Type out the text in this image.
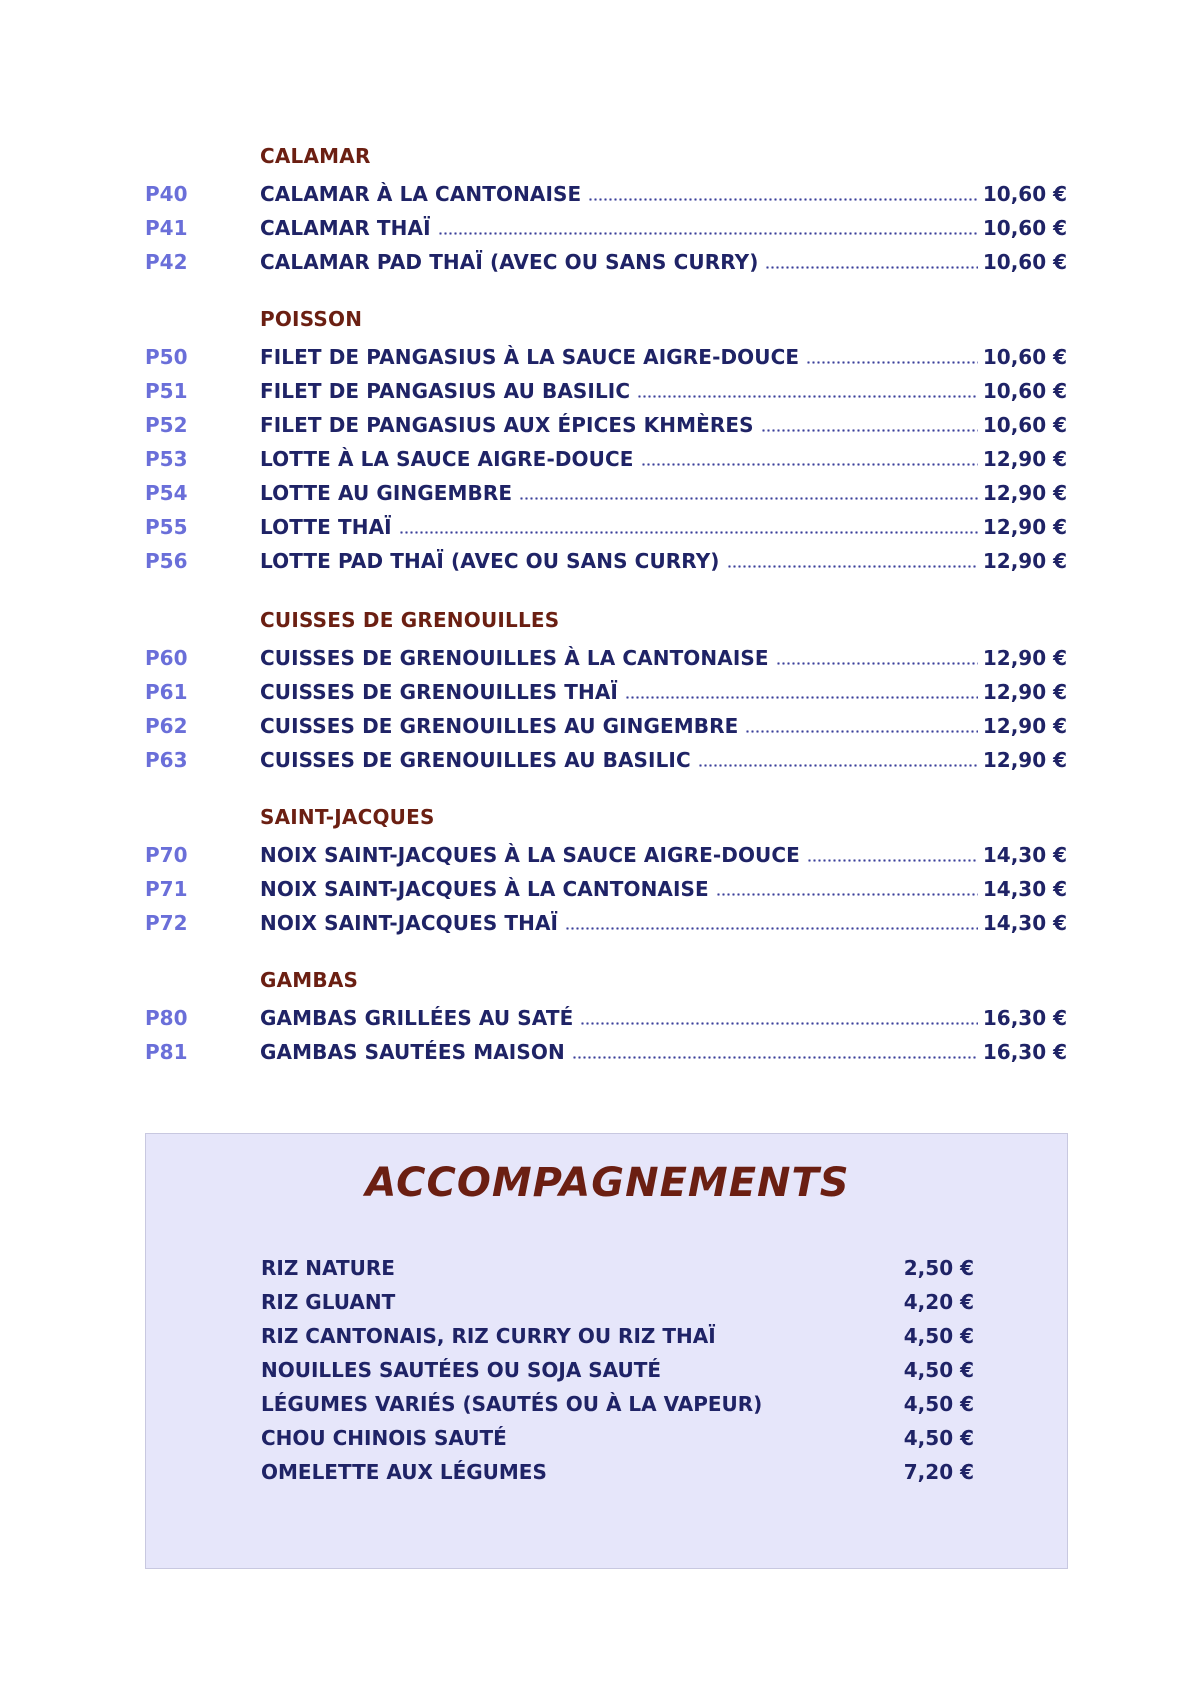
CALAMAR
P40	CALAMAR À LA CANTONAISE	10,60 €
P41	CALAMAR THAÏ	10,60 €
P42	CALAMAR PAD THAÏ (AVEC OU SANS CURRY)	10,60 €
POISSON
P50	FILET DE PANGASIUS À LA SAUCE AIGRE-DOUCE	10,60 €
P51	FILET DE PANGASIUS AU BASILIC	10,60 €
P52	FILET DE PANGASIUS AUX ÉPICES KHMÈRES	10,60 €
P53	LOTTE À LA SAUCE AIGRE-DOUCE	12,90 €
P54	LOTTE AU GINGEMBRE	12,90 €
P55	LOTTE THAÏ	12,90 €
P56	LOTTE PAD THAÏ (AVEC OU SANS CURRY)	12,90 €
CUISSES DE GRENOUILLES
P60	CUISSES DE GRENOUILLES À LA CANTONAISE	12,90 €
P61	CUISSES DE GRENOUILLES THAÏ	12,90 €
P62	CUISSES DE GRENOUILLES AU GINGEMBRE	12,90 €
P63	CUISSES DE GRENOUILLES AU BASILIC	12,90 €
SAINT-JACQUES
P70	NOIX SAINT-JACQUES À LA SAUCE AIGRE-DOUCE	14,30 €
P71	NOIX SAINT-JACQUES À LA CANTONAISE	14,30 €
P72	NOIX SAINT-JACQUES THAÏ	14,30 €
GAMBAS
P80	GAMBAS GRILLÉES AU SATÉ	16,30 €
P81	GAMBAS SAUTÉES MAISON	16,30 €
ACCOMPAGNEMENTS
RIZ NATURE	2,50 €
RIZ GLUANT	4,20 €
RIZ CANTONAIS, RIZ CURRY OU RIZ THAÏ	4,50 €
NOUILLES SAUTÉES OU SOJA SAUTÉ	4,50 €
LÉGUMES VARIÉS (SAUTÉS OU À LA VAPEUR)	4,50 €
CHOU CHINOIS SAUTÉ	4,50 €
OMELETTE AUX LÉGUMES	7,20 €
